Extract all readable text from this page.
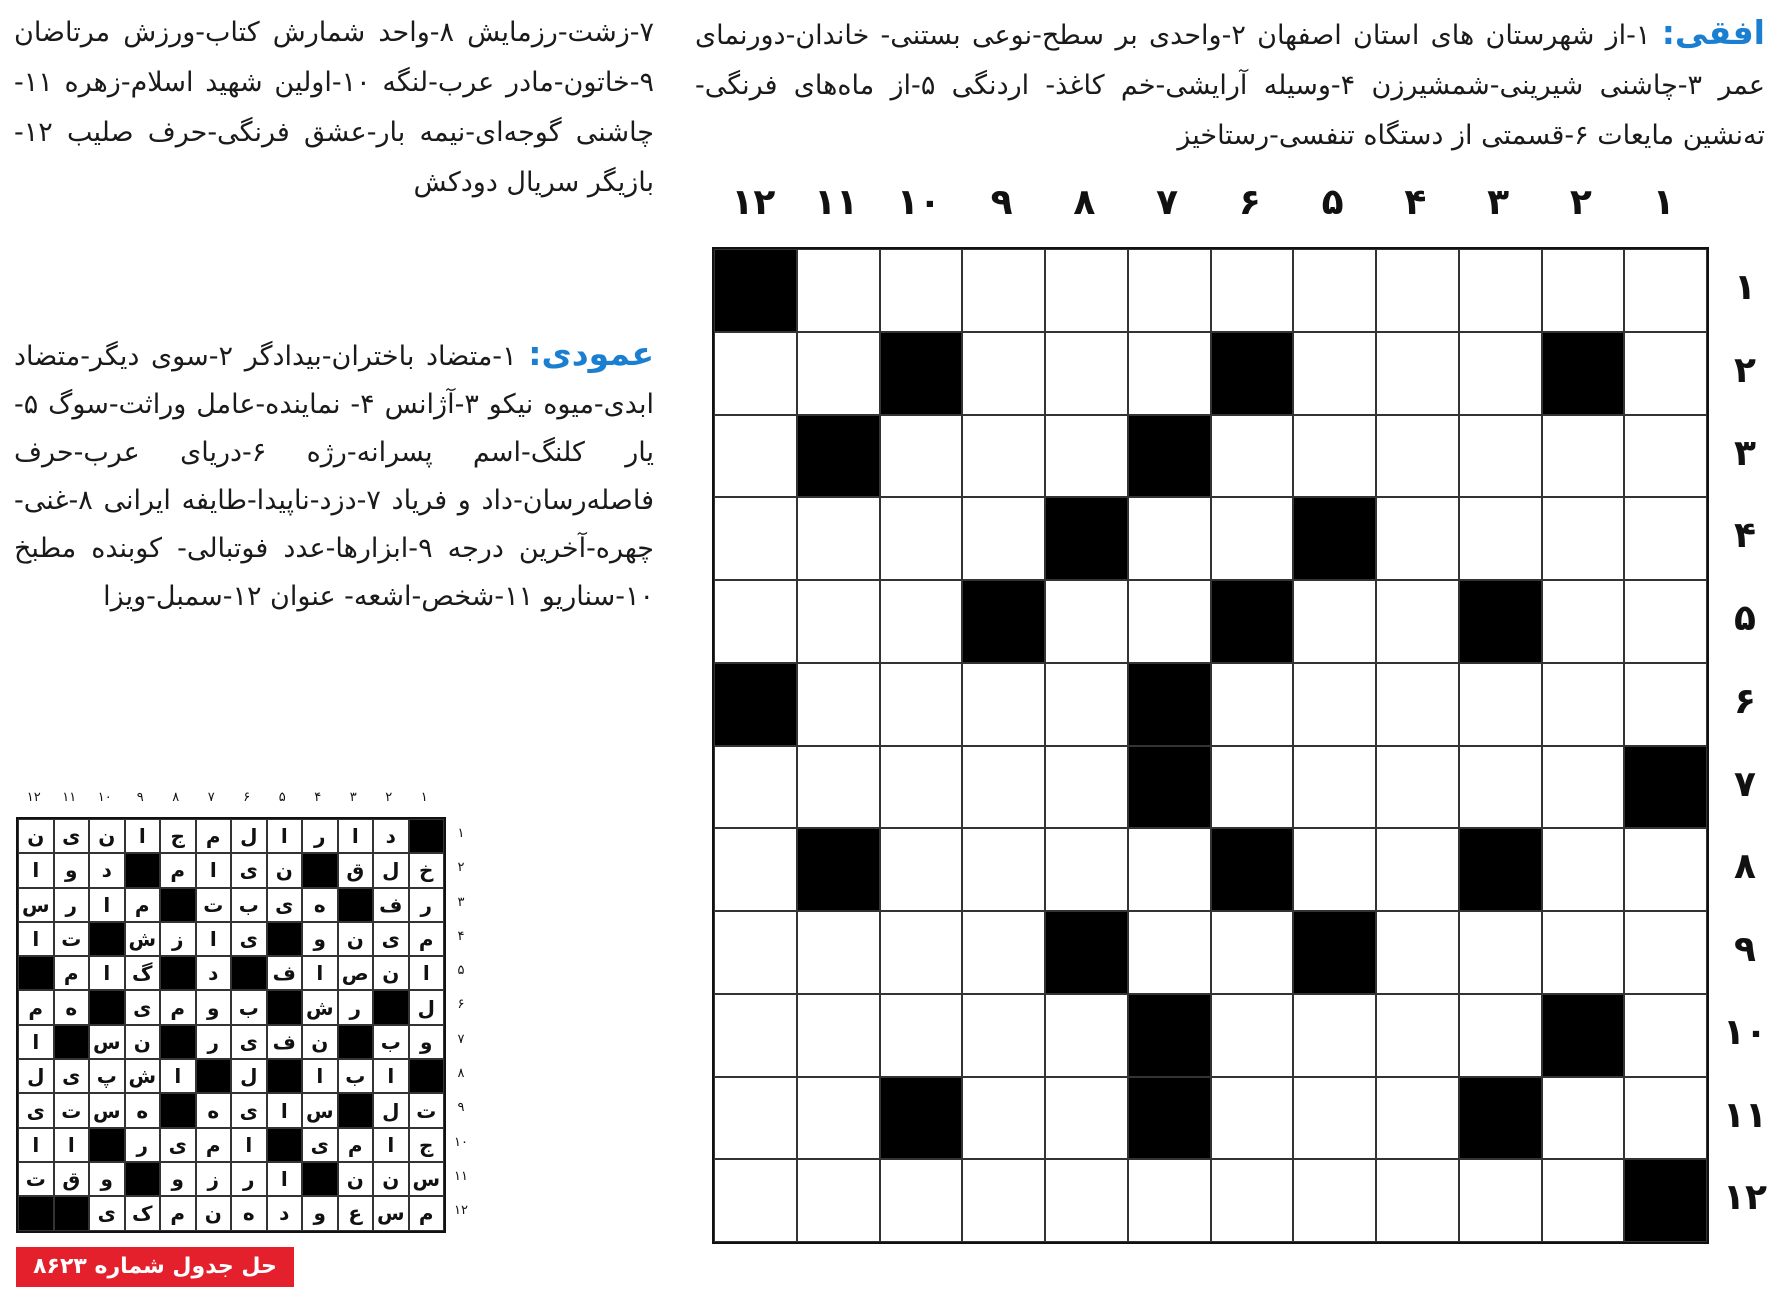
افقی: ۱-از شهرستان های استان اصفهان ۲-واحدی بر سطح-نوعی بستنی- خاندان-دورنمای عمر ۳-چاشنی شیرینی-شمشیرزن ۴-وسیله آرایشی-خم کاغذ- اردنگی ۵-از ماه‌های فرنگی-ته‌نشین مایعات ۶-قسمتی از دستگاه تنفسی-رستاخیز
۷-زشت-رزمایش ۸-واحد شمارش کتاب-ورزش مرتاضان ۹-خاتون-مادر عرب-لنگه ۱۰-اولین شهید اسلام-زهره ۱۱-چاشنی گوجه‌ای-نیمه بار-عشق فرنگی-حرف صلیب ۱۲-بازیگر سریال دودکش
عمودی: ۱-متضاد باختران-بیدادگر ۲-سوی دیگر-متضاد ابدی-میوه نیکو ۳-آژانس ۴- نماینده-عامل وراثت-سوگ ۵-یار کلنگ-اسم پسرانه-رژه ۶-دریای عرب-حرف فاصله‌رسان-داد و فریاد ۷-دزد-ناپیدا-طایفه ایرانی ۸-غنی- چهره-آخرین درجه ۹-ابزارها-عدد فوتبالی- کوبنده مطبخ ۱۰-سناریو ۱۱-شخص-اشعه- عنوان ۱۲-سمبل-ویزا
۱
۲
۳
۴
۵
۶
۷
۸
۹
۱۰
۱۱
۱۲
۱
۲
۳
۴
۵
۶
۷
۸
۹
۱۰
۱۱
۱۲
۱
۲
۳
۴
۵
۶
۷
۸
۹
۱۰
۱۱
۱۲
۱
۲
۳
۴
۵
۶
۷
۸
۹
۱۰
۱۱
۱۲
د
ا
ر
ا
ل
م
ج
ا
ن
ی
ن
خ
ل
ق
ن
ی
ا
م
د
و
ا
ر
ف
ه
ی
ب
ت
م
ا
ر
س
م
ی
ن
و
ی
ا
ز
ش
ت
ا
ا
ن
ص
ا
ف
د
گ
ا
م
ل
ر
ش
ب
و
م
ی
ه
م
و
ب
ن
ف
ی
ر
ن
س
ا
ا
ب
ا
ل
ا
ش
پ
ی
ل
ت
ل
س
ا
ی
ه
ه
س
ت
ی
ج
ا
م
ی
ا
م
ی
ر
ا
ا
س
ن
ن
ا
ر
ز
و
و
ق
ت
م
س
ع
و
د
ه
ن
م
ک
ی
حل جدول شماره ۸۶۲۳
